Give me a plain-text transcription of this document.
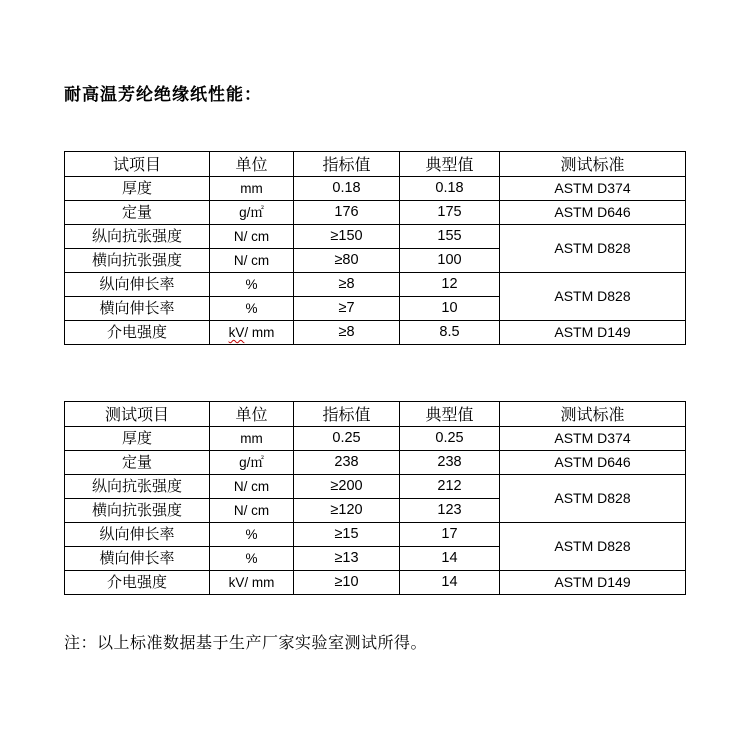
耐高温芳纶绝缘纸性能：
试项目	单位	指标值	典型值	测试标准
厚度	mm	0.18	0.18	ASTM D374
定量	g/㎡	176	175	ASTM D646
纵向抗张强度	N/ cm	≥150	155	ASTM D828
横向抗张强度	N/ cm	≥80	100	
纵向伸长率	%	≥8	12	ASTM D828
横向伸长率	%	≥7	10	
介电强度	kV/ mm	≥8	8.5	ASTM D149
测试项目	单位	指标值	典型值	测试标准
厚度	mm	0.25	0.25	ASTM D374
定量	g/㎡	238	238	ASTM D646
纵向抗张强度	N/ cm	≥200	212	ASTM D828
横向抗张强度	N/ cm	≥120	123	
纵向伸长率	%	≥15	17	ASTM D828
横向伸长率	%	≥13	14	
介电强度	kV/ mm	≥10	14	ASTM D149
注：以上标准数据基于生产厂家实验室测试所得。
